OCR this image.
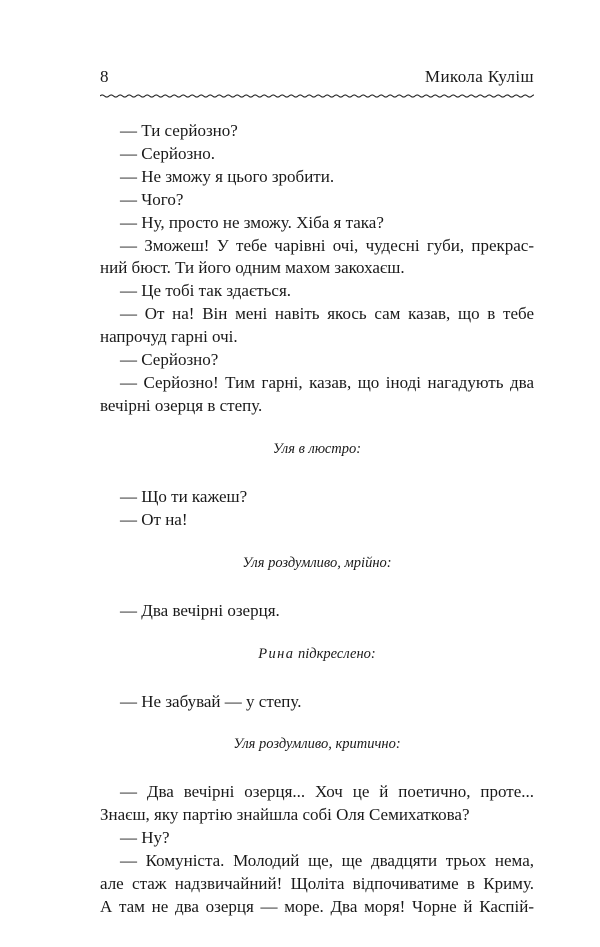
8	Микола Куліш
— Ти серйозно?
— Серйозно.
— Не зможу я цього зробити.
— Чого?
— Ну, просто не зможу. Хіба я така?
— Зможеш! У тебе чарівні очі, чудесні губи, прекрас-
ний бюст. Ти його одним махом закохаєш.
— Це тобі так здається.
— От на! Він мені навіть якось сам казав, що в тебе
напрочуд гарні очі.
— Серйозно?
— Серйозно! Тим гарні, казав, що іноді нагадують два
вечірні озерця в степу.
Уля в люстро:
— Що ти кажеш?
— От на!
Уля роздумливо, мрійно:
— Два вечірні озерця.
Рина підкреслено:
— Не забувай — у степу.
Уля роздумливо, критично:
— Два вечірні озерця... Хоч це й поетично, проте...
Знаєш, яку партію знайшла собі Оля Семихаткова?
— Ну?
— Комуніста. Молодий ще, ще двадцяти трьох нема,
але стаж надзвичайний! Щоліта відпочиватиме в Криму.
А там не два озерця — море. Два моря! Чорне й Каспій-
